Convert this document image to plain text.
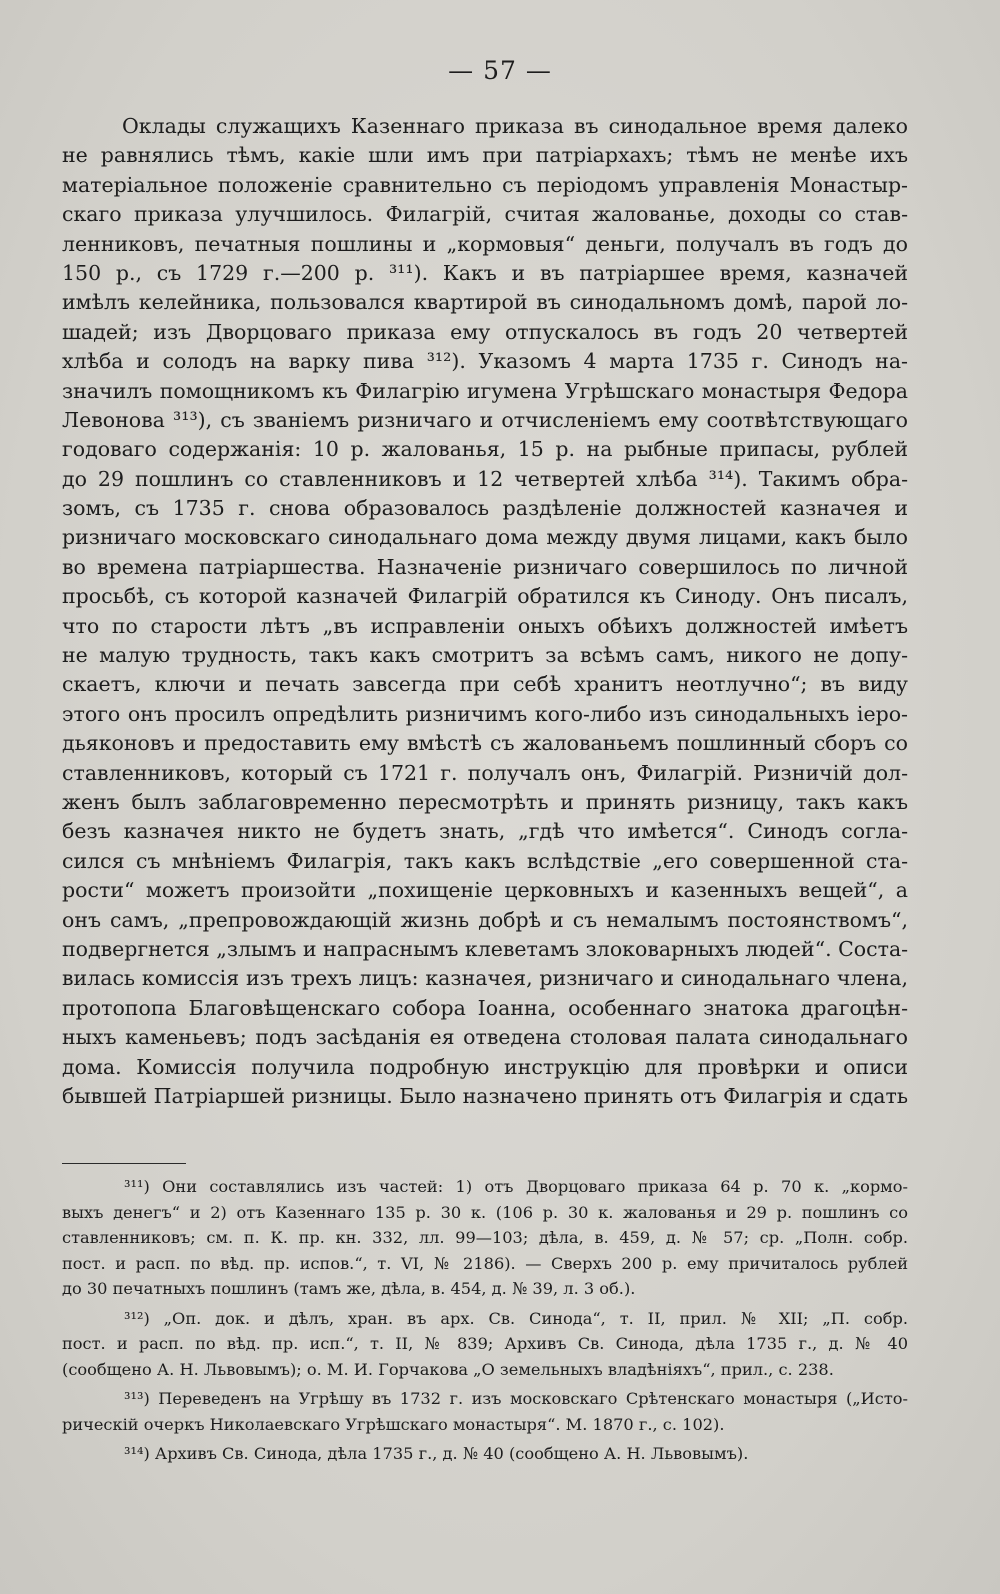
— 57 —
Оклады служащихъ Казеннаго приказа въ синодальное время далеко
не равнялись тѣмъ, какіе шли имъ при патріархахъ; тѣмъ не менѣе ихъ
матеріальное положеніе сравнительно съ періодомъ управленія Монастыр-
скаго приказа улучшилось. Филагрій, считая жалованье, доходы со став-
ленниковъ, печатныя пошлины и „кормовыя“ деньги, получалъ въ годъ до
150 р., съ 1729 г.—200 р. ³¹¹). Какъ и въ патріаршее время, казначей
имѣлъ келейника, пользовался квартирой въ синодальномъ домѣ, парой ло-
шадей; изъ Дворцоваго приказа ему отпускалось въ годъ 20 четвертей
хлѣба и солодъ на варку пива ³¹²). Указомъ 4 марта 1735 г. Синодъ на-
значилъ помощникомъ къ Филагрію игумена Угрѣшскаго монастыря Федора
Левонова ³¹³), съ званіемъ ризничаго и отчисленіемъ ему соотвѣтствующаго
годоваго содержанія: 10 р. жалованья, 15 р. на рыбные припасы, рублей
до 29 пошлинъ со ставленниковъ и 12 четвертей хлѣба ³¹⁴). Такимъ обра-
зомъ, съ 1735 г. снова образовалось раздѣленіе должностей казначея и
ризничаго московскаго синодальнаго дома между двумя лицами, какъ было
во времена патріаршества. Назначеніе ризничаго совершилось по личной
просьбѣ, съ которой казначей Филагрій обратился къ Синоду. Онъ писалъ,
что по старости лѣтъ „въ исправленіи оныхъ обѣихъ должностей имѣетъ
не малую трудность, такъ какъ смотритъ за всѣмъ самъ, никого не допу-
скаетъ, ключи и печать завсегда при себѣ хранитъ неотлучно“; въ виду
этого онъ просилъ опредѣлить ризничимъ кого-либо изъ синодальныхъ іеро-
дьяконовъ и предоставить ему вмѣстѣ съ жалованьемъ пошлинный сборъ со
ставленниковъ, который съ 1721 г. получалъ онъ, Филагрій. Ризничій дол-
женъ былъ заблаговременно пересмотрѣть и принять ризницу, такъ какъ
безъ казначея никто не будетъ знать, „гдѣ что имѣется“. Синодъ согла-
сился съ мнѣніемъ Филагрія, такъ какъ вслѣдствіе „его совершенной ста-
рости“ можетъ произойти „похищеніе церковныхъ и казенныхъ вещей“, а
онъ самъ, „препровождающій жизнь добрѣ и съ немалымъ постоянствомъ“,
подвергнется „злымъ и напраснымъ клеветамъ злоковарныхъ людей“. Соста-
вилась комиссія изъ трехъ лицъ: казначея, ризничаго и синодальнаго члена,
протопопа Благовѣщенскаго собора Іоанна, особеннаго знатока драгоцѣн-
ныхъ каменьевъ; подъ засѣданія ея отведена столовая палата синодальнаго
дома. Комиссія получила подробную инструкцію для провѣрки и описи
бывшей Патріаршей ризницы. Было назначено принять отъ Филагрія и сдать
³¹¹) Они составлялись изъ частей: 1) отъ Дворцоваго приказа 64 р. 70 к. „кормо-
выхъ денегъ“ и 2) отъ Казеннаго 135 р. 30 к. (106 р. 30 к. жалованья и 29 р. пошлинъ со
ставленниковъ; см. п. К. пр. кн. 332, лл. 99—103; дѣла, в. 459, д. № 57; ср. „Полн. собр.
пост. и расп. по вѣд. пр. испов.“, т. VI, № 2186). — Сверхъ 200 р. ему причиталось рублей
до 30 печатныхъ пошлинъ (тамъ же, дѣла, в. 454, д. № 39, л. 3 об.).
³¹²) „Оп. док. и дѣлъ, хран. въ арх. Св. Синода“, т. II, прил. № XII; „П. собр.
пост. и расп. по вѣд. пр. исп.“, т. II, № 839; Архивъ Св. Синода, дѣла 1735 г., д. № 40
(сообщено А. Н. Львовымъ); о. М. И. Горчакова „О земельныхъ владѣніяхъ“, прил., с. 238.
³¹³) Переведенъ на Угрѣшу въ 1732 г. изъ московскаго Срѣтенскаго монастыря („Исто-
рическій очеркъ Николаевскаго Угрѣшскаго монастыря“. М. 1870 г., с. 102).
³¹⁴) Архивъ Св. Синода, дѣла 1735 г., д. № 40 (сообщено А. Н. Львовымъ).
